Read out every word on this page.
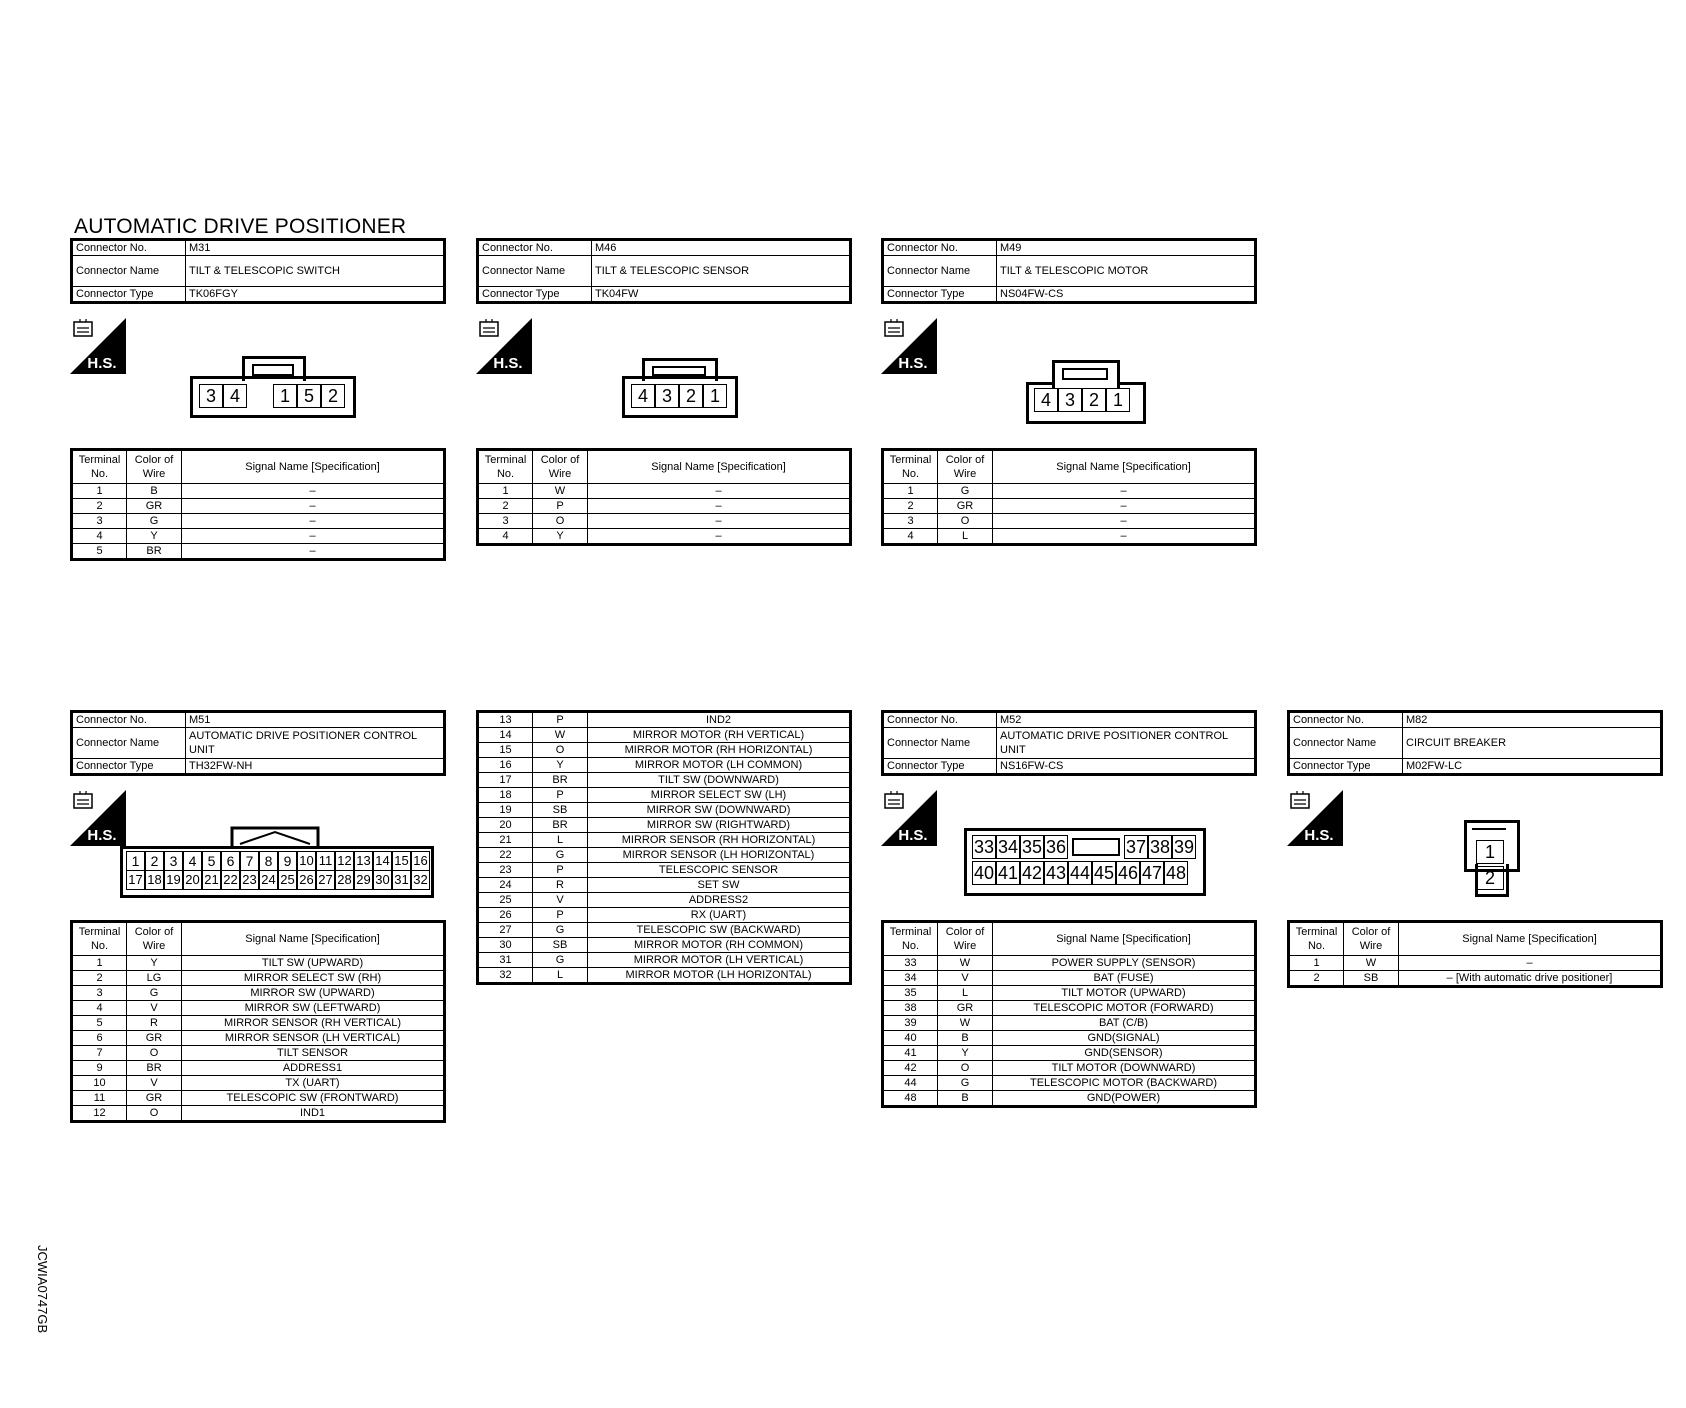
AUTOMATIC DRIVE POSITIONER
Connector No.	M31
Connector Name	TILT & TELESCOPIC SWITCH
Connector Type	TK06FGY
Connector No.	M46
Connector Name	TILT & TELESCOPIC SENSOR
Connector Type	TK04FW
Connector No.	M49
Connector Name	TILT & TELESCOPIC MOTOR
Connector Type	NS04FW-CS
Connector No.	M51
Connector Name	AUTOMATIC DRIVE POSITIONER CONTROL UNIT

Connector Type	TH32FW-NH
Connector No.	M52
Connector Name	AUTOMATIC DRIVE POSITIONER CONTROL UNIT

Connector Type	NS16FW-CS
Connector No.	M82
Connector Name	CIRCUIT BREAKER
Connector Type	M02FW-LC
H.S.	H.S.	H.S.
H.S.	H.S.	H.S.
3 4	1 5 2	4 3 2 1	4 3 2 1
1 2 3 4 5 6 7 8 9 10 11 12 13 14 15 16
17 18 19 20 21 22 23 24 25 26 27 28 29 30 31 32
33 34 35 36	37 38 39
40 41 42 43 44 45 46 47 48
1
2
Terminal No.	Color of Wire	Signal Name [Specification]
1	B	–
2	GR	–
3	G	–
4	Y	–
5	BR	–
Terminal No.	Color of Wire	Signal Name [Specification]
1	W	–
2	P	–
3	O	–
4	Y	–
Terminal No.	Color of Wire	Signal Name [Specification]
1	G	–
2	GR	–
3	O	–
4	L	–
Terminal No.	Color of Wire	Signal Name [Specification]
1	Y	TILT SW (UPWARD)
2	LG	MIRROR SELECT SW (RH)
3	G	MIRROR SW (UPWARD)
4	V	MIRROR SW (LEFTWARD)
5	R	MIRROR SENSOR (RH VERTICAL)
6	GR	MIRROR SENSOR (LH VERTICAL)
7	O	TILT SENSOR
9	BR	ADDRESS1
10	V	TX (UART)
11	GR	TELESCOPIC SW (FRONTWARD)
12	O	IND1
13	P	IND2
14	W	MIRROR MOTOR (RH VERTICAL)
15	O	MIRROR MOTOR (RH HORIZONTAL)
16	Y	MIRROR MOTOR (LH COMMON)
17	BR	TILT SW (DOWNWARD)
18	P	MIRROR SELECT SW (LH)
19	SB	MIRROR SW (DOWNWARD)
20	BR	MIRROR SW (RIGHTWARD)
21	L	MIRROR SENSOR (RH HORIZONTAL)
22	G	MIRROR SENSOR (LH HORIZONTAL)
23	P	TELESCOPIC SENSOR
24	R	SET SW
25	V	ADDRESS2
26	P	RX (UART)
27	G	TELESCOPIC SW (BACKWARD)
30	SB	MIRROR MOTOR (RH COMMON)
31	G	MIRROR MOTOR (LH VERTICAL)
32	L	MIRROR MOTOR (LH HORIZONTAL)
Terminal No.	Color of Wire	Signal Name [Specification]
33	W	POWER SUPPLY (SENSOR)
34	V	BAT (FUSE)
35	L	TILT MOTOR (UPWARD)
38	GR	TELESCOPIC MOTOR (FORWARD)
39	W	BAT (C/B)
40	B	GND(SIGNAL)
41	Y	GND(SENSOR)
42	O	TILT MOTOR (DOWNWARD)
44	G	TELESCOPIC MOTOR (BACKWARD)
48	B	GND(POWER)
Terminal No.	Color of Wire	Signal Name [Specification]
1	W	–
2	SB	– [With automatic drive positioner]
JCWIA0747GB
